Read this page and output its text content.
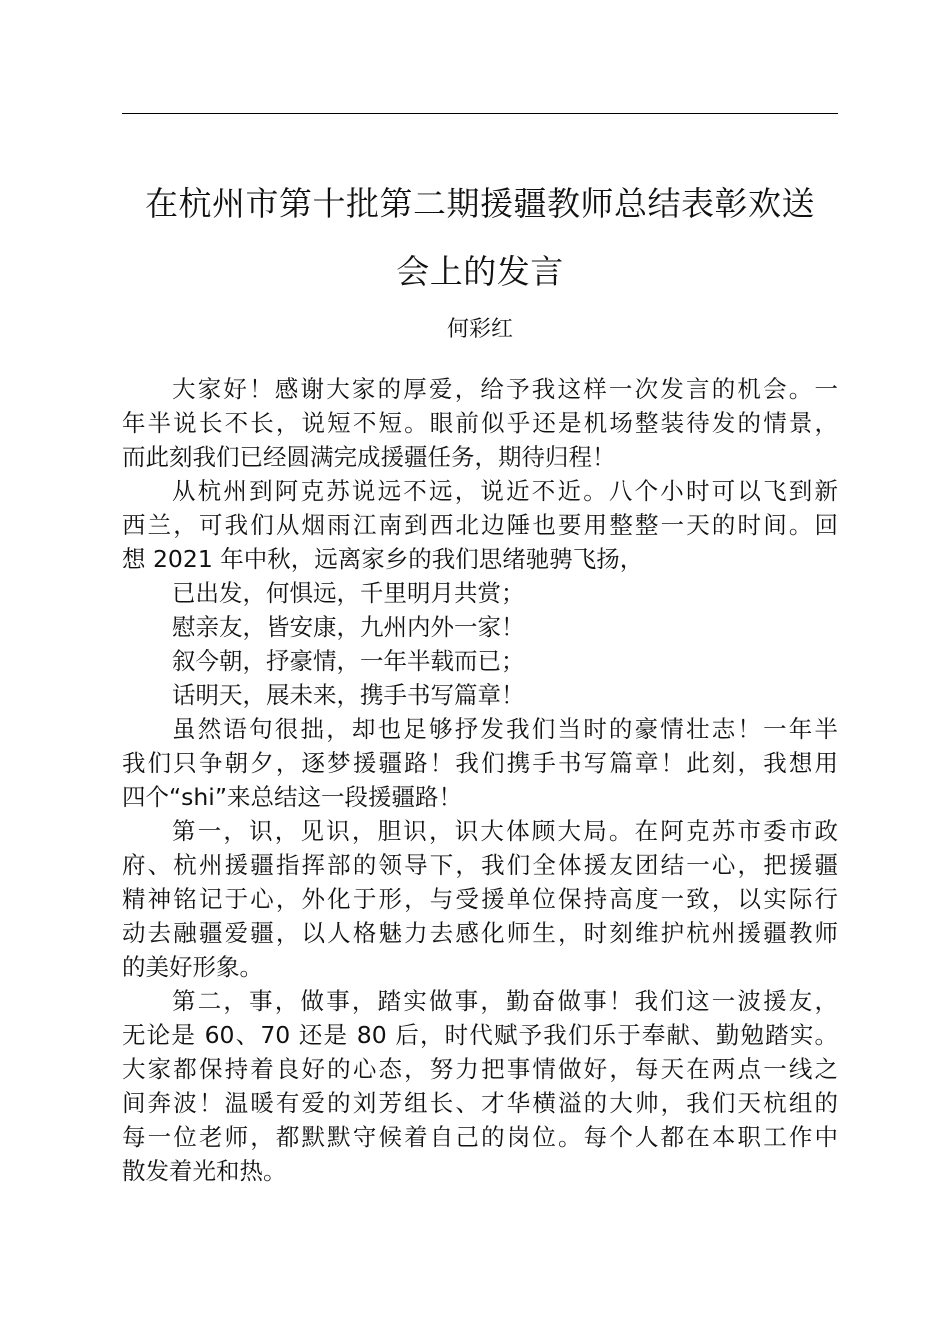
在杭州市第十批第二期援疆教师总结表彰欢送
会上的发言
何彩红
大家好！感谢大家的厚爱，给予我这样一次发言的机会。一
年半说长不长，说短不短。眼前似乎还是机场整装待发的情景，
而此刻我们已经圆满完成援疆任务，期待归程！
从杭州到阿克苏说远不远，说近不近。八个小时可以飞到新
西兰，可我们从烟雨江南到西北边陲也要用整整一天的时间。回
想 2021 年中秋，远离家乡的我们思绪驰骋飞扬，
已出发，何惧远，千里明月共赏；
慰亲友，皆安康，九州内外一家！
叙今朝，抒豪情，一年半载而已；
话明天，展未来，携手书写篇章！
虽然语句很拙，却也足够抒发我们当时的豪情壮志！一年半
我们只争朝夕，逐梦援疆路！我们携手书写篇章！此刻，我想用
四个“shi”来总结这一段援疆路！
第一，识，见识，胆识，识大体顾大局。在阿克苏市委市政
府、杭州援疆指挥部的领导下，我们全体援友团结一心，把援疆
精神铭记于心，外化于形，与受援单位保持高度一致，以实际行
动去融疆爱疆，以人格魅力去感化师生，时刻维护杭州援疆教师
的美好形象。
第二，事，做事，踏实做事，勤奋做事！我们这一波援友，
无论是 60、70 还是 80 后，时代赋予我们乐于奉献、勤勉踏实。
大家都保持着良好的心态，努力把事情做好，每天在两点一线之
间奔波！温暖有爱的刘芳组长、才华横溢的大帅，我们天杭组的
每一位老师，都默默守候着自己的岗位。每个人都在本职工作中
散发着光和热。
